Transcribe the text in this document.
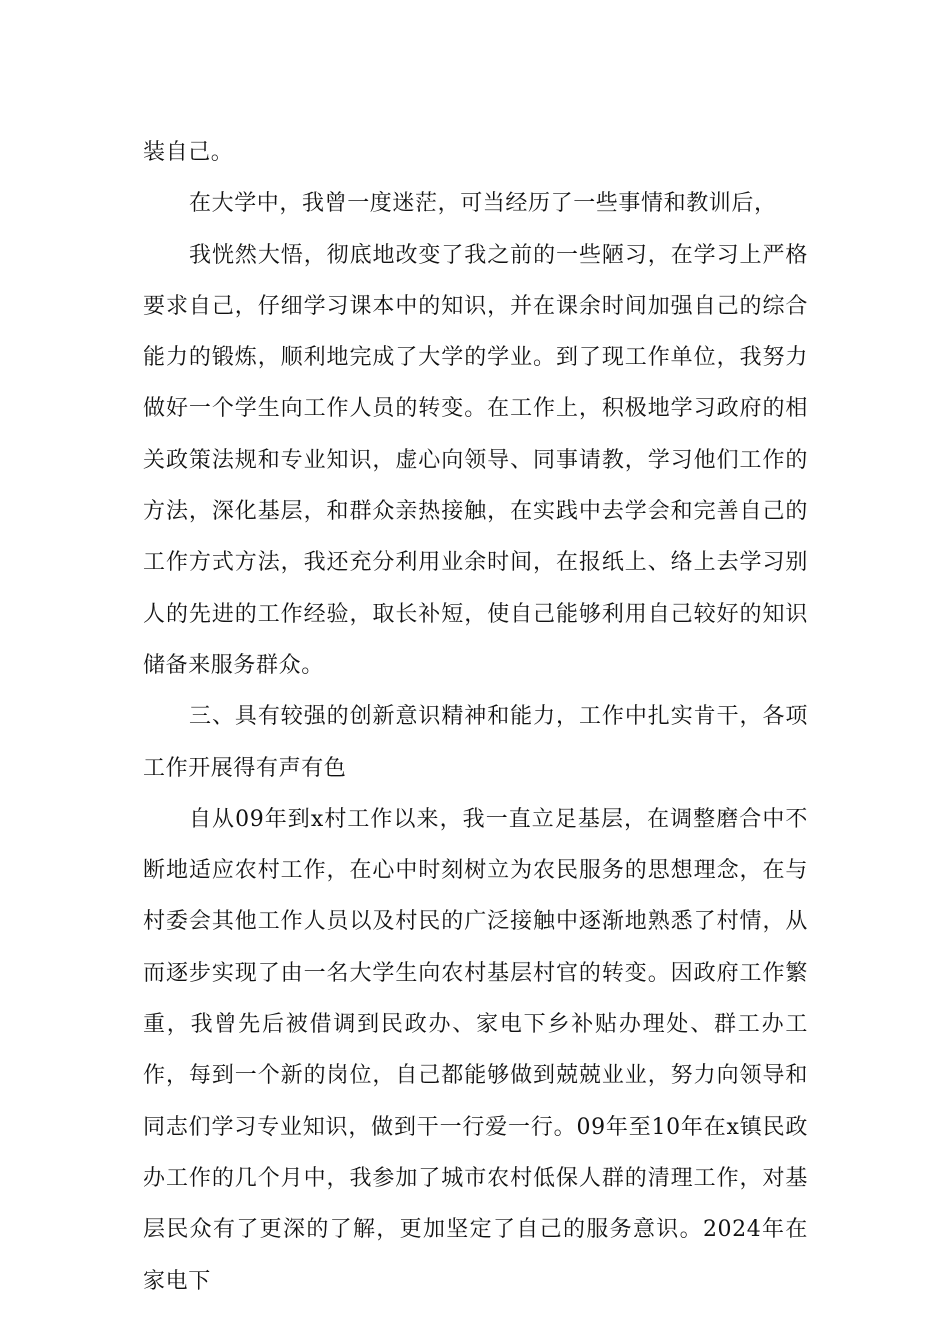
装自己。

在大学中，我曾一度迷茫，可当经历了一些事情和教训后，

我恍然大悟，彻底地改变了我之前的一些陋习，在学习上严格要求自己，仔细学习课本中的知识，并在课余时间加强自己的综合能力的锻炼，顺利地完成了大学的学业。到了现工作单位，我努力做好一个学生向工作人员的转变。在工作上，积极地学习政府的相关政策法规和专业知识，虚心向领导、同事请教，学习他们工作的方法，深化基层，和群众亲热接触，在实践中去学会和完善自己的工作方式方法，我还充分利用业余时间，在报纸上、络上去学习别人的先进的工作经验，取长补短，使自己能够利用自己较好的知识储备来服务群众。

三、具有较强的创新意识精神和能力，工作中扎实肯干，各项工作开展得有声有色

自从09年到x村工作以来，我一直立足基层，在调整磨合中不断地适应农村工作，在心中时刻树立为农民服务的思想理念，在与村委会其他工作人员以及村民的广泛接触中逐渐地熟悉了村情，从而逐步实现了由一名大学生向农村基层村官的转变。因政府工作繁重，我曾先后被借调到民政办、家电下乡补贴办理处、群工办工作，每到一个新的岗位，自己都能够做到兢兢业业，努力向领导和同志们学习专业知识，做到干一行爱一行。09年至10年在x镇民政办工作的几个月中，我参加了城市农村低保人群的清理工作，对基层民众有了更深的了解，更加坚定了自己的服务意识。2024年在家电下
